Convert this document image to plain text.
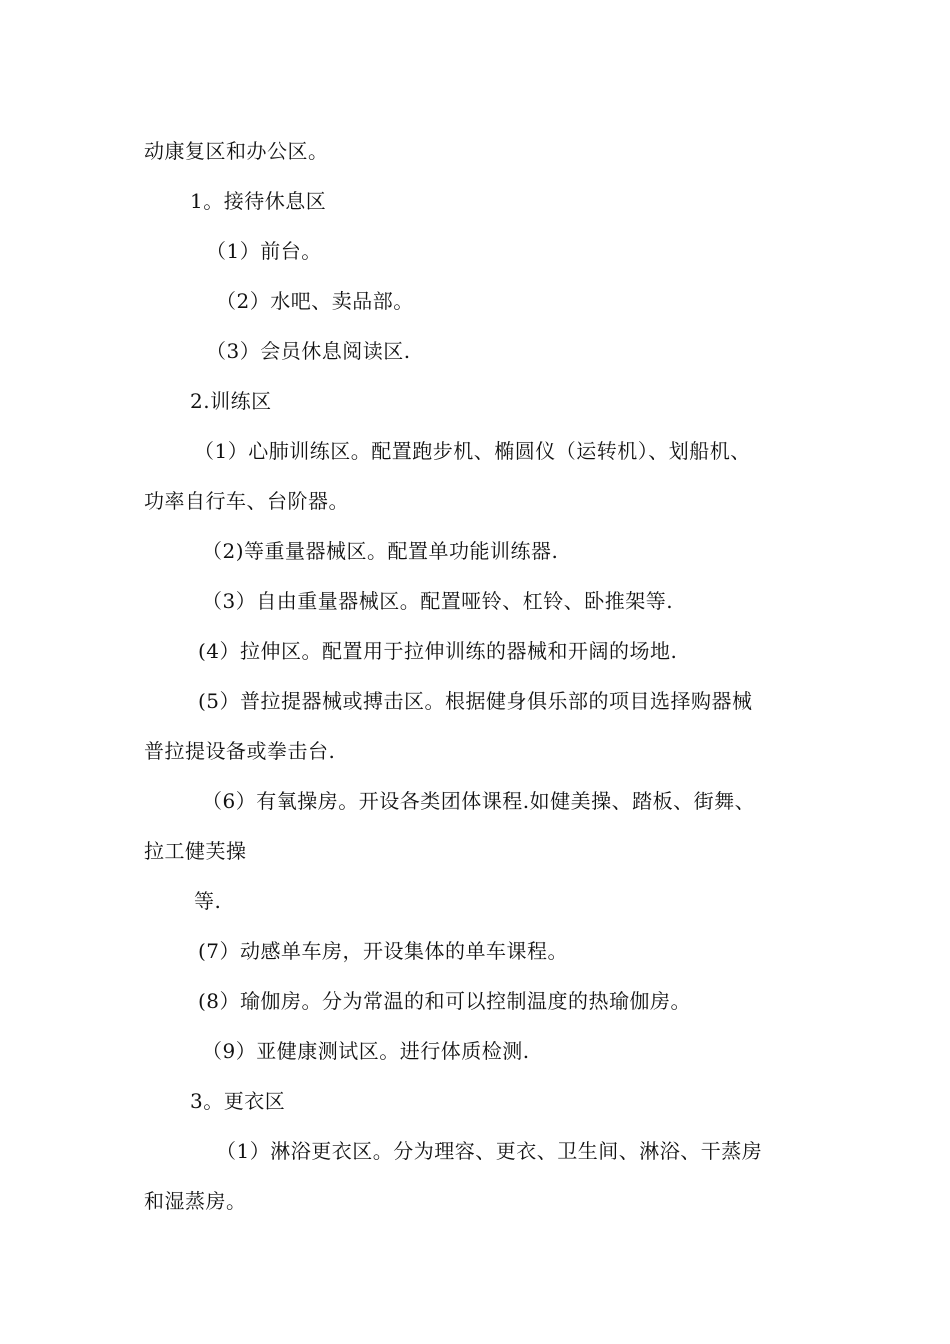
动康复区和办公区。
1。接待休息区
（1）前台。
（2）水吧、卖品部。
（3）会员休息阅读区.
2.训练区
（1）心肺训练区。配置跑步机、椭圆仪（运转机）、划船机、
功率自行车、台阶器。
（2)等重量器械区。配置单功能训练器.
（3）自由重量器械区。配置哑铃、杠铃、卧推架等.
(4）拉伸区。配置用于拉伸训练的器械和开阔的场地.
(5）普拉提器械或搏击区。根据健身俱乐部的项目选择购器械
普拉提设备或拳击台.
（6）有氧操房。开设各类团体课程.如健美操、踏板、街舞、
拉工健芙操
等.
(7）动感单车房，开设集体的单车课程。
(8）瑜伽房。分为常温的和可以控制温度的热瑜伽房。
（9）亚健康测试区。进行体质检测.
3。更衣区
（1）淋浴更衣区。分为理容、更衣、卫生间、淋浴、干蒸房
和湿蒸房。
